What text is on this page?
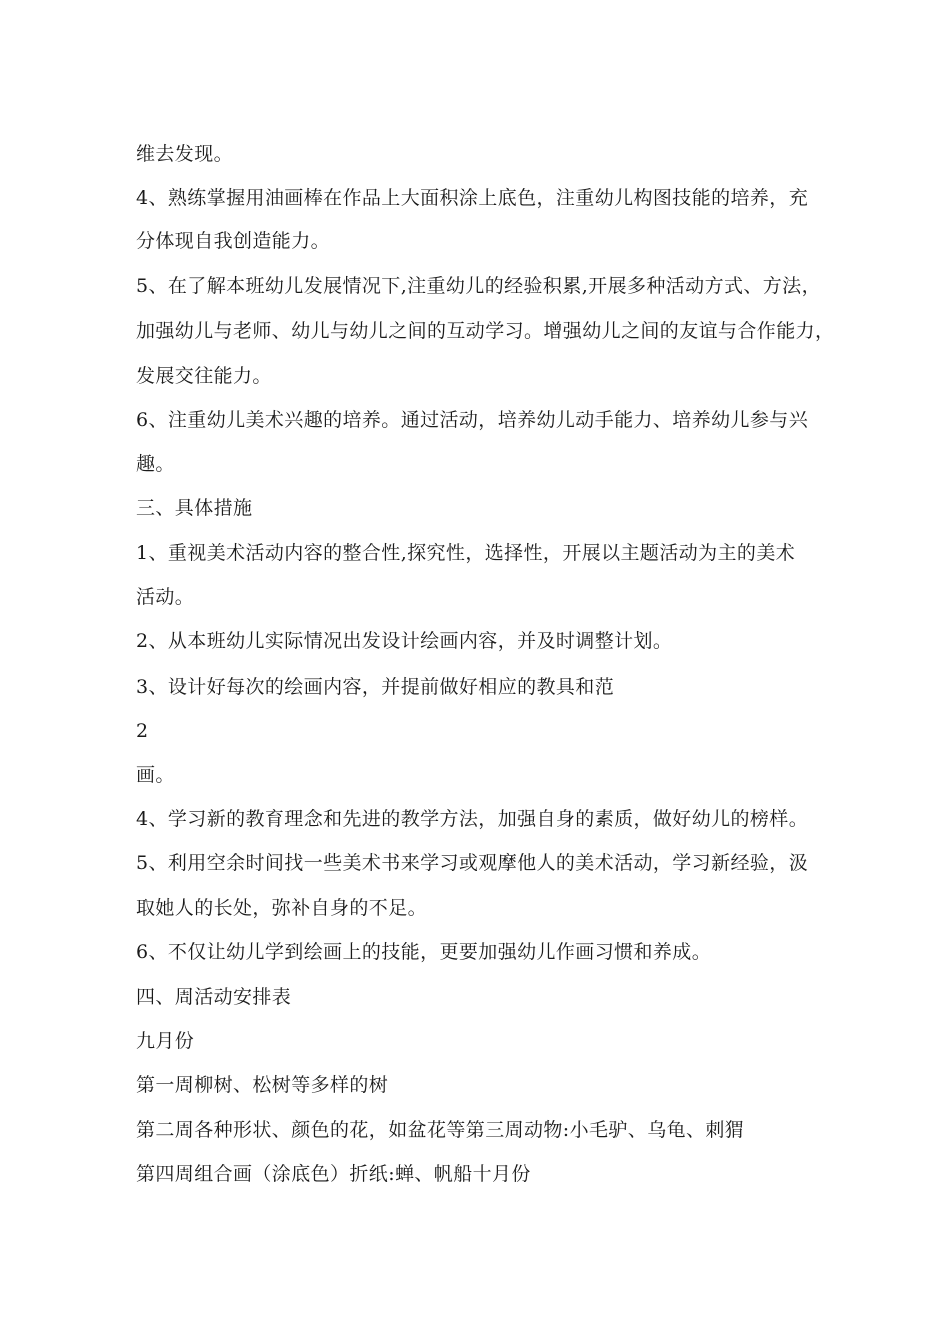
维去发现。
4、熟练掌握用油画棒在作品上大面积涂上底色，注重幼儿构图技能的培养，充
分体现自我创造能力。
5、在了解本班幼儿发展情况下,注重幼儿的经验积累,开展多种活动方式、方法，
加强幼儿与老师、幼儿与幼儿之间的互动学习。增强幼儿之间的友谊与合作能力，
发展交往能力。
6、注重幼儿美术兴趣的培养。通过活动，培养幼儿动手能力、培养幼儿参与兴
趣。
三、具体措施
1、重视美术活动内容的整合性,探究性，选择性，开展以主题活动为主的美术
活动。
2、从本班幼儿实际情况出发设计绘画内容，并及时调整计划。
3、设计好每次的绘画内容，并提前做好相应的教具和范
2
画。
4、学习新的教育理念和先进的教学方法，加强自身的素质，做好幼儿的榜样。
5、利用空余时间找一些美术书来学习或观摩他人的美术活动，学习新经验，汲
取她人的长处，弥补自身的不足。
6、不仅让幼儿学到绘画上的技能，更要加强幼儿作画习惯和养成。
四、周活动安排表
九月份
第一周柳树、松树等多样的树
第二周各种形状、颜色的花，如盆花等第三周动物:小毛驴、乌龟、刺猬
第四周组合画（涂底色）折纸:蝉、帆船十月份
